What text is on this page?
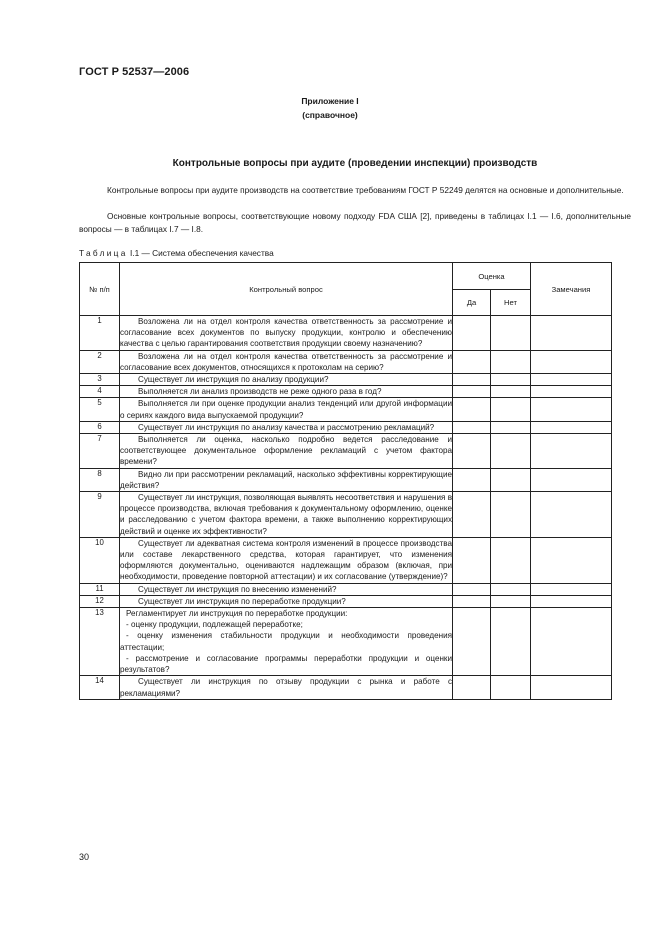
ГОСТ Р 52537—2006
Приложение I
(справочное)
Контрольные вопросы при аудите (проведении инспекции) производств
Контрольные вопросы при аудите производств на соответствие требованиям ГОСТ Р 52249 делятся на основные и дополнительные.
Основные контрольные вопросы, соответствующие новому подходу FDA США [2], приведены в таблицах I.1 — I.6, дополнительные вопросы — в таблицах I.7 — I.8.
Таблица I.1 — Система обеспечения качества
№ п/п	Контрольный вопрос	Оценка		Замечания
		Да	Нет	
1	Возложена ли на отдел контроля качества ответственность за рассмотрение и согласование всех документов по выпуску продукции, контролю и обеспечению качества с целью гарантирования соответствия продукции своему назначению?			

2	Возложена ли на отдел контроля качества ответственность за рассмотрение и согласование всех документов, относящихся к протоколам на серию?			

3	Существует ли инструкция по анализу продукции?			

4	Выполняется ли анализ производств не реже одного раза в год?			

5	Выполняется ли при оценке продукции анализ тенденций или другой информации о сериях каждого вида выпускаемой продукции?			

6	Существует ли инструкция по анализу качества и рассмотрению рекламаций?			

7	Выполняется ли оценка, насколько подробно ведется расследование и соответствующее документальное оформление рекламаций с учетом фактора времени?			

8	Видно ли при рассмотрении рекламаций, насколько эффективны корректирующие действия?			

9	Существует ли инструкция, позволяющая выявлять несоответствия и нарушения в процессе производства, включая требования к документальному оформлению, оценке и расследованию с учетом фактора времени, а также выполнению корректирующих действий и оценке их эффективности?			

10	Существует ли адекватная система контроля изменений в процессе производства или составе лекарственного средства, которая гарантирует, что изменения оформляются документально, оцениваются надлежащим образом (включая, при необходимости, проведение повторной аттестации) и их согласование (утверждение)?			

11	Существует ли инструкция по внесению изменений?			

12	Существует ли инструкция по переработке продукции?			

13	Регламентирует ли инструкция по переработке продукции:
- оценку продукции, подлежащей переработке;
- оценку изменения стабильности продукции и необходимости проведения аттестации;
- рассмотрение и согласование программы переработки продукции и оценки результатов?			

14	Существует ли инструкция по отзыву продукции с рынка и работе с рекламациями?			

30
